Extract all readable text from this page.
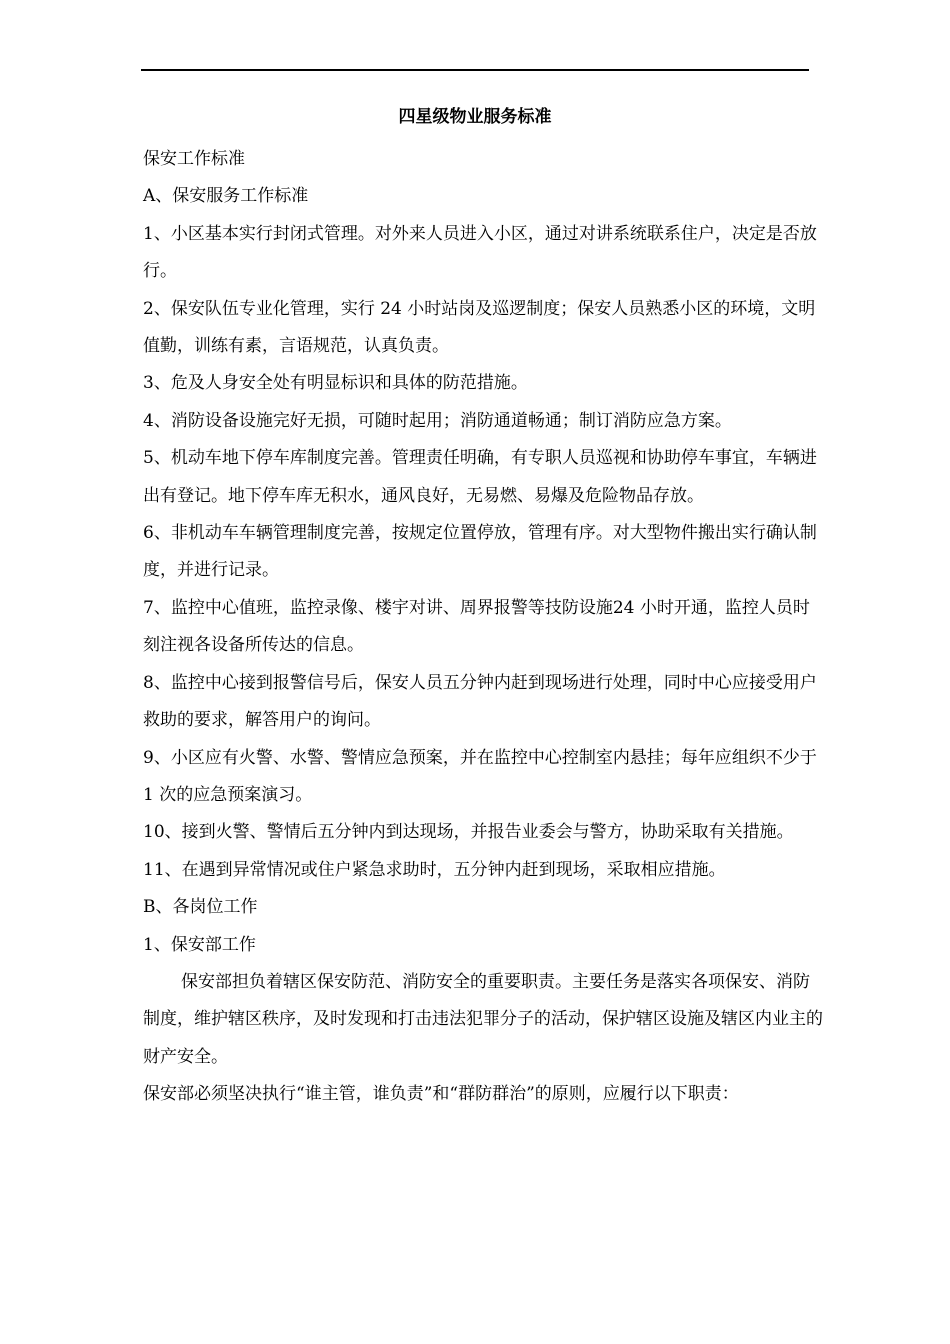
四星级物业服务标准

保安工作标准

A、保安服务工作标准

1、小区基本实行封闭式管理。对外来人员进入小区，通过对讲系统联系住户，决定是否放行。

2、保安队伍专业化管理，实行 24 小时站岗及巡逻制度；保安人员熟悉小区的环境，文明值勤，训练有素，言语规范，认真负责。

3、危及人身安全处有明显标识和具体的防范措施。

4、消防设备设施完好无损，可随时起用；消防通道畅通；制订消防应急方案。

5、机动车地下停车库制度完善。管理责任明确，有专职人员巡视和协助停车事宜，车辆进出有登记。地下停车库无积水，通风良好，无易燃、易爆及危险物品存放。

6、非机动车车辆管理制度完善，按规定位置停放，管理有序。对大型物件搬出实行确认制度，并进行记录。

7、监控中心值班，监控录像、楼宇对讲、周界报警等技防设施24 小时开通，监控人员时刻注视各设备所传达的信息。

8、监控中心接到报警信号后，保安人员五分钟内赶到现场进行处理，同时中心应接受用户救助的要求，解答用户的询问。

9、小区应有火警、水警、警情应急预案，并在监控中心控制室内悬挂；每年应组织不少于 1 次的应急预案演习。

10、接到火警、警情后五分钟内到达现场，并报告业委会与警方，协助采取有关措施。

11、在遇到异常情况或住户紧急求助时，五分钟内赶到现场，采取相应措施。

B、各岗位工作

1、保安部工作

保安部担负着辖区保安防范、消防安全的重要职责。主要任务是落实各项保安、消防制度，维护辖区秩序，及时发现和打击违法犯罪分子的活动，保护辖区设施及辖区内业主的财产安全。

保安部必须坚决执行“谁主管，谁负责”和“群防群治”的原则，应履行以下职责：
